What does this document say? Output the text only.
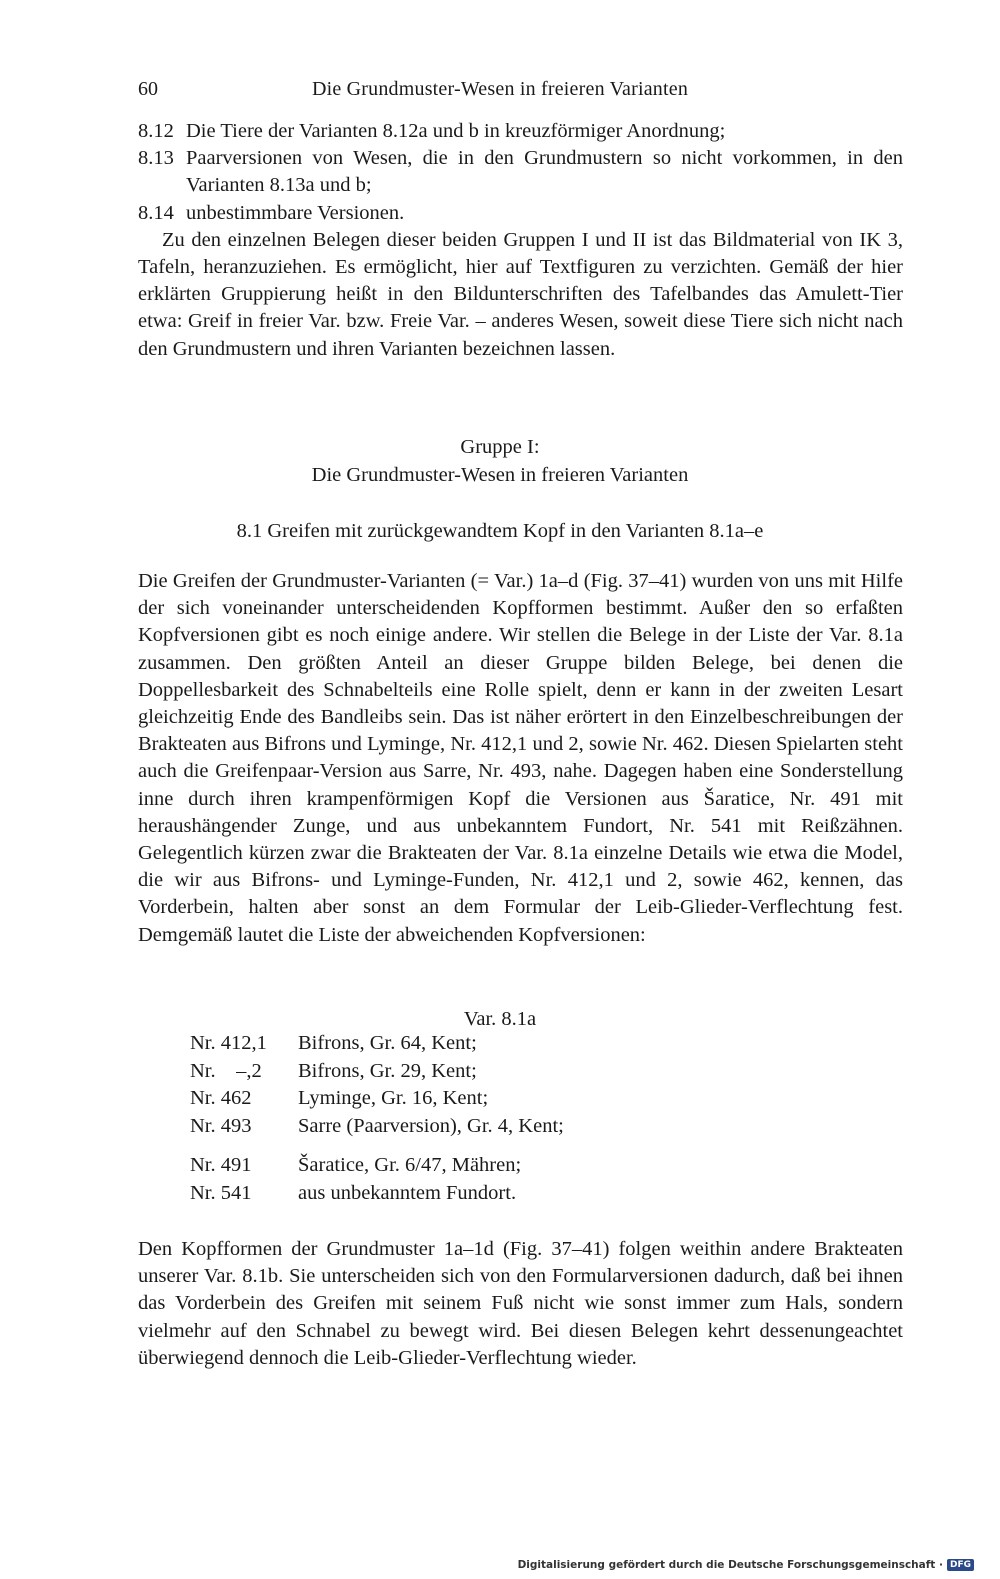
60	Die Grundmuster-Wesen in freieren Varianten
8.12 Die Tiere der Varianten 8.12a und b in kreuzförmiger Anordnung;
8.13 Paarversionen von Wesen, die in den Grundmustern so nicht vorkommen, in den Varianten 8.13a und b;
8.14 unbestimmbare Versionen.
Zu den einzelnen Belegen dieser beiden Gruppen I und II ist das Bildmaterial von IK 3, Tafeln, heranzuziehen. Es ermöglicht, hier auf Textfiguren zu verzichten. Gemäß der hier erklärten Gruppierung heißt in den Bildunterschriften des Tafelbandes das Amulett-Tier etwa: Greif in freier Var. bzw. Freie Var. – anderes Wesen, soweit diese Tiere sich nicht nach den Grundmustern und ihren Varianten bezeichnen lassen.
Gruppe I:
Die Grundmuster-Wesen in freieren Varianten
8.1 Greifen mit zurückgewandtem Kopf in den Varianten 8.1a–e
Die Greifen der Grundmuster-Varianten (= Var.) 1a–d (Fig. 37–41) wurden von uns mit Hilfe der sich voneinander unterscheidenden Kopfformen bestimmt. Außer den so erfaßten Kopfversionen gibt es noch einige andere. Wir stellen die Belege in der Liste der Var. 8.1a zusammen. Den größten Anteil an dieser Gruppe bilden Belege, bei denen die Doppellesbarkeit des Schnabelteils eine Rolle spielt, denn er kann in der zweiten Lesart gleichzeitig Ende des Bandleibs sein. Das ist näher erörtert in den Einzelbeschreibungen der Brakteaten aus Bifrons und Lyminge, Nr. 412,1 und 2, sowie Nr. 462. Diesen Spielarten steht auch die Greifenpaar-Version aus Sarre, Nr. 493, nahe. Dagegen haben eine Sonderstellung inne durch ihren krampenförmigen Kopf die Versionen aus Šaratice, Nr. 491 mit heraushängender Zunge, und aus unbekanntem Fundort, Nr. 541 mit Reißzähnen. Gelegentlich kürzen zwar die Brakteaten der Var. 8.1a einzelne Details wie etwa die Model, die wir aus Bifrons- und Lyminge-Funden, Nr. 412,1 und 2, sowie 462, kennen, das Vorderbein, halten aber sonst an dem Formular der Leib-Glieder-Verflechtung fest. Demgemäß lautet die Liste der abweichenden Kopfversionen:
Var. 8.1a
Nr. 412,1	Bifrons, Gr. 64, Kent;
Nr.    –,2	Bifrons, Gr. 29, Kent;
Nr. 462	Lyminge, Gr. 16, Kent;
Nr. 493	Sarre (Paarversion), Gr. 4, Kent;
Nr. 491	Šaratice, Gr. 6/47, Mähren;
Nr. 541	aus unbekanntem Fundort.
Den Kopfformen der Grundmuster 1a–1d (Fig. 37–41) folgen weithin andere Brakteaten unserer Var. 8.1b. Sie unterscheiden sich von den Formularversionen dadurch, daß bei ihnen das Vorderbein des Greifen mit seinem Fuß nicht wie sonst immer zum Hals, sondern vielmehr auf den Schnabel zu bewegt wird. Bei diesen Belegen kehrt dessenungeachtet überwiegend dennoch die Leib-Glieder-Verflechtung wieder.
Digitalisierung gefördert durch die Deutsche Forschungsgemeinschaft · DFG
